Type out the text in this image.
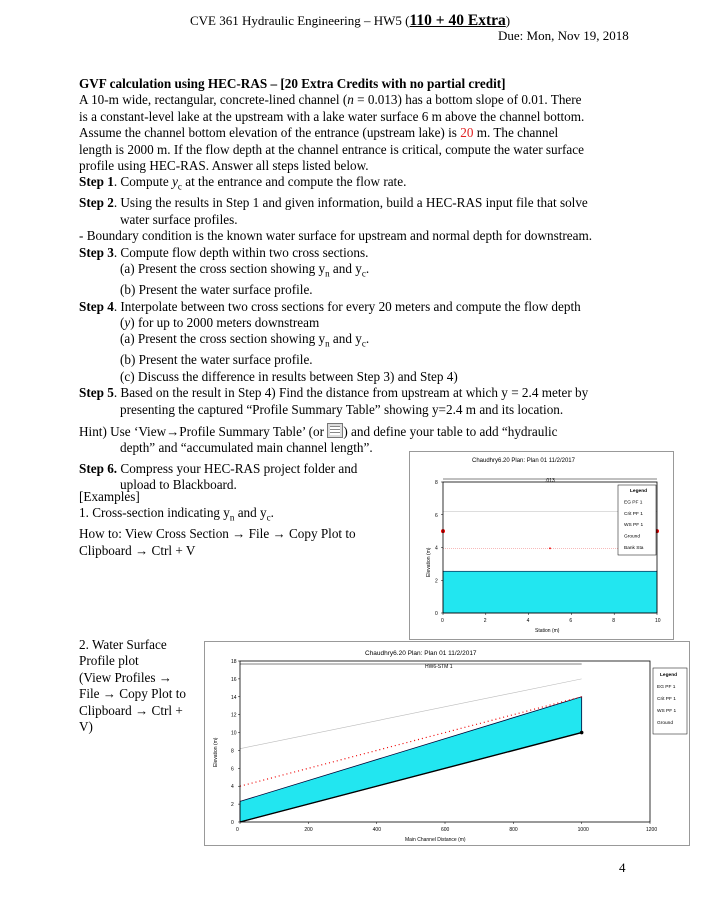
CVE 361 Hydraulic Engineering – HW5 (110 + 40 Extra)
Due: Mon, Nov 19, 2018
GVF calculation using HEC-RAS – [20 Extra Credits with no partial credit]
A 10-m wide, rectangular, concrete-lined channel (n = 0.013) has a bottom slope of 0.01. There
is a constant-level lake at the upstream with a lake water surface 6 m above the channel bottom.
Assume the channel bottom elevation of the entrance (upstream lake) is 20 m. The channel
length is 2000 m. If the flow depth at the channel entrance is critical, compute the water surface
profile using HEC-RAS. Answer all steps listed below.
Step 1. Compute $y_c$ at the entrance and compute the flow rate.
Step 2. Using the results in Step 1 and given information, build a HEC-RAS input file that solve
water surface profiles.
- Boundary condition is the known water surface for upstream and normal depth for downstream.
Step 3. Compute flow depth within two cross sections.
(a) Present the cross section showing $y_n$ and $y_c$.
(b) Present the water surface profile.
Step 4. Interpolate between two cross sections for every 20 meters and compute the flow depth
(y) for up to 2000 meters downstream
(a) Present the cross section showing $y_n$ and $y_c$.
(b) Present the water surface profile.
(c) Discuss the difference in results between Step 3) and Step 4)
Step 5. Based on the result in Step 4) Find the distance from upstream at which y = 2.4 meter by
presenting the captured “Profile Summary Table” showing y=2.4 m and its location.
Hint) Use ‘View→Profile Summary Table’ (or ) and define your table to add “hydraulic
depth” and “accumulated main channel length”.
Step 6. Compress your HEC-RAS project folder and
upload to Blackboard.
[Examples]
1. Cross-section indicating $y_n$ and $y_c$.
How to: View Cross Section → File → Copy Plot to
Clipboard → Ctrl + V
2. Water Surface
Profile plot
(View Profiles →
File → Copy Plot to
Clipboard → Ctrl +
V)
Chaudhry6.20 Plan: Plan 01 11/2/2017
.013
0	2	4	6	8	10
0
2
4
6
8
Station (m)
Elevation (m)
Legend
EG PF 1
Crit PF 1
WS PF 1
Ground
Bank Sta
Chaudhry6.20 Plan: Plan 01 11/2/2017
HW6-STM 1
0	200	400	600	800	1000	1200
0
2
4
6
8
10
12
14
16
18
Main Channel Distance (m)
Elevation (m)
Legend
EG PF 1
Crit PF 1
WS PF 1
Ground
4
